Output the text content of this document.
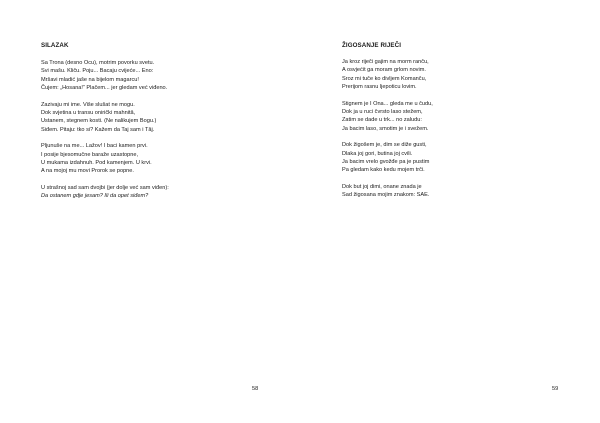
SILAZAK
Sa Trona (desno Ocu), motrim povorku svetu.
Svi mašu. Kliču. Poju... Bacaju cvijeće... Eno:
Mršavi mladić jaše na bijelom magarcu!
Čujem: „Hosana!“ Plačem... jer gledam već viđeno.
Zazivaju mi ime. Više slušat ne mogu.
Dok svjetina u transu onirički mahnitâ,
Ustanem, stegnem kosti. (Ne nalikujem Bogu.)
Siđem. Pitaju: tko si? Kažem da Taj sam i Tâj.
Pljunuše na me... Lažov! I baci kamen prvi.
I posije bjesomučne baraže uzastopne,
U mukama izdahnuh. Pod kamenjem. U krvi.
A na mojoj mu movi Prorok se popne.
U strašnoj sad sam dvojbi (jer dolje već sam viđen):
Da ostanem gdje jesam? Ili da opet siđem?
58
ŽIGOSANJE RIJEČI
Ja kroz riječi gajim na morm ranču,
A osvjećit ga moram grlom novim.
Sroz mi tuče ko divljem Komanču,
Prerijom rasnu ljepoticu lovim.
Stignem je I Ona... gleda me u čudu,
Dok ja u ruci čvrsto laso stežem,
Zatim se dade u trk... no zaludu:
Ja bacim laso, smotim je i svežem.
Dok žigošem je, dim se diže gusti,
Dlaka joj gori, butina joj cvili.
Ja bacim vrelo gvožđe pa je pustim
Pa gledam kako kedu mojem trči.
Dok but joj dimi, onane znada je
Sad žigosana mojim znakom: SAE.
59
